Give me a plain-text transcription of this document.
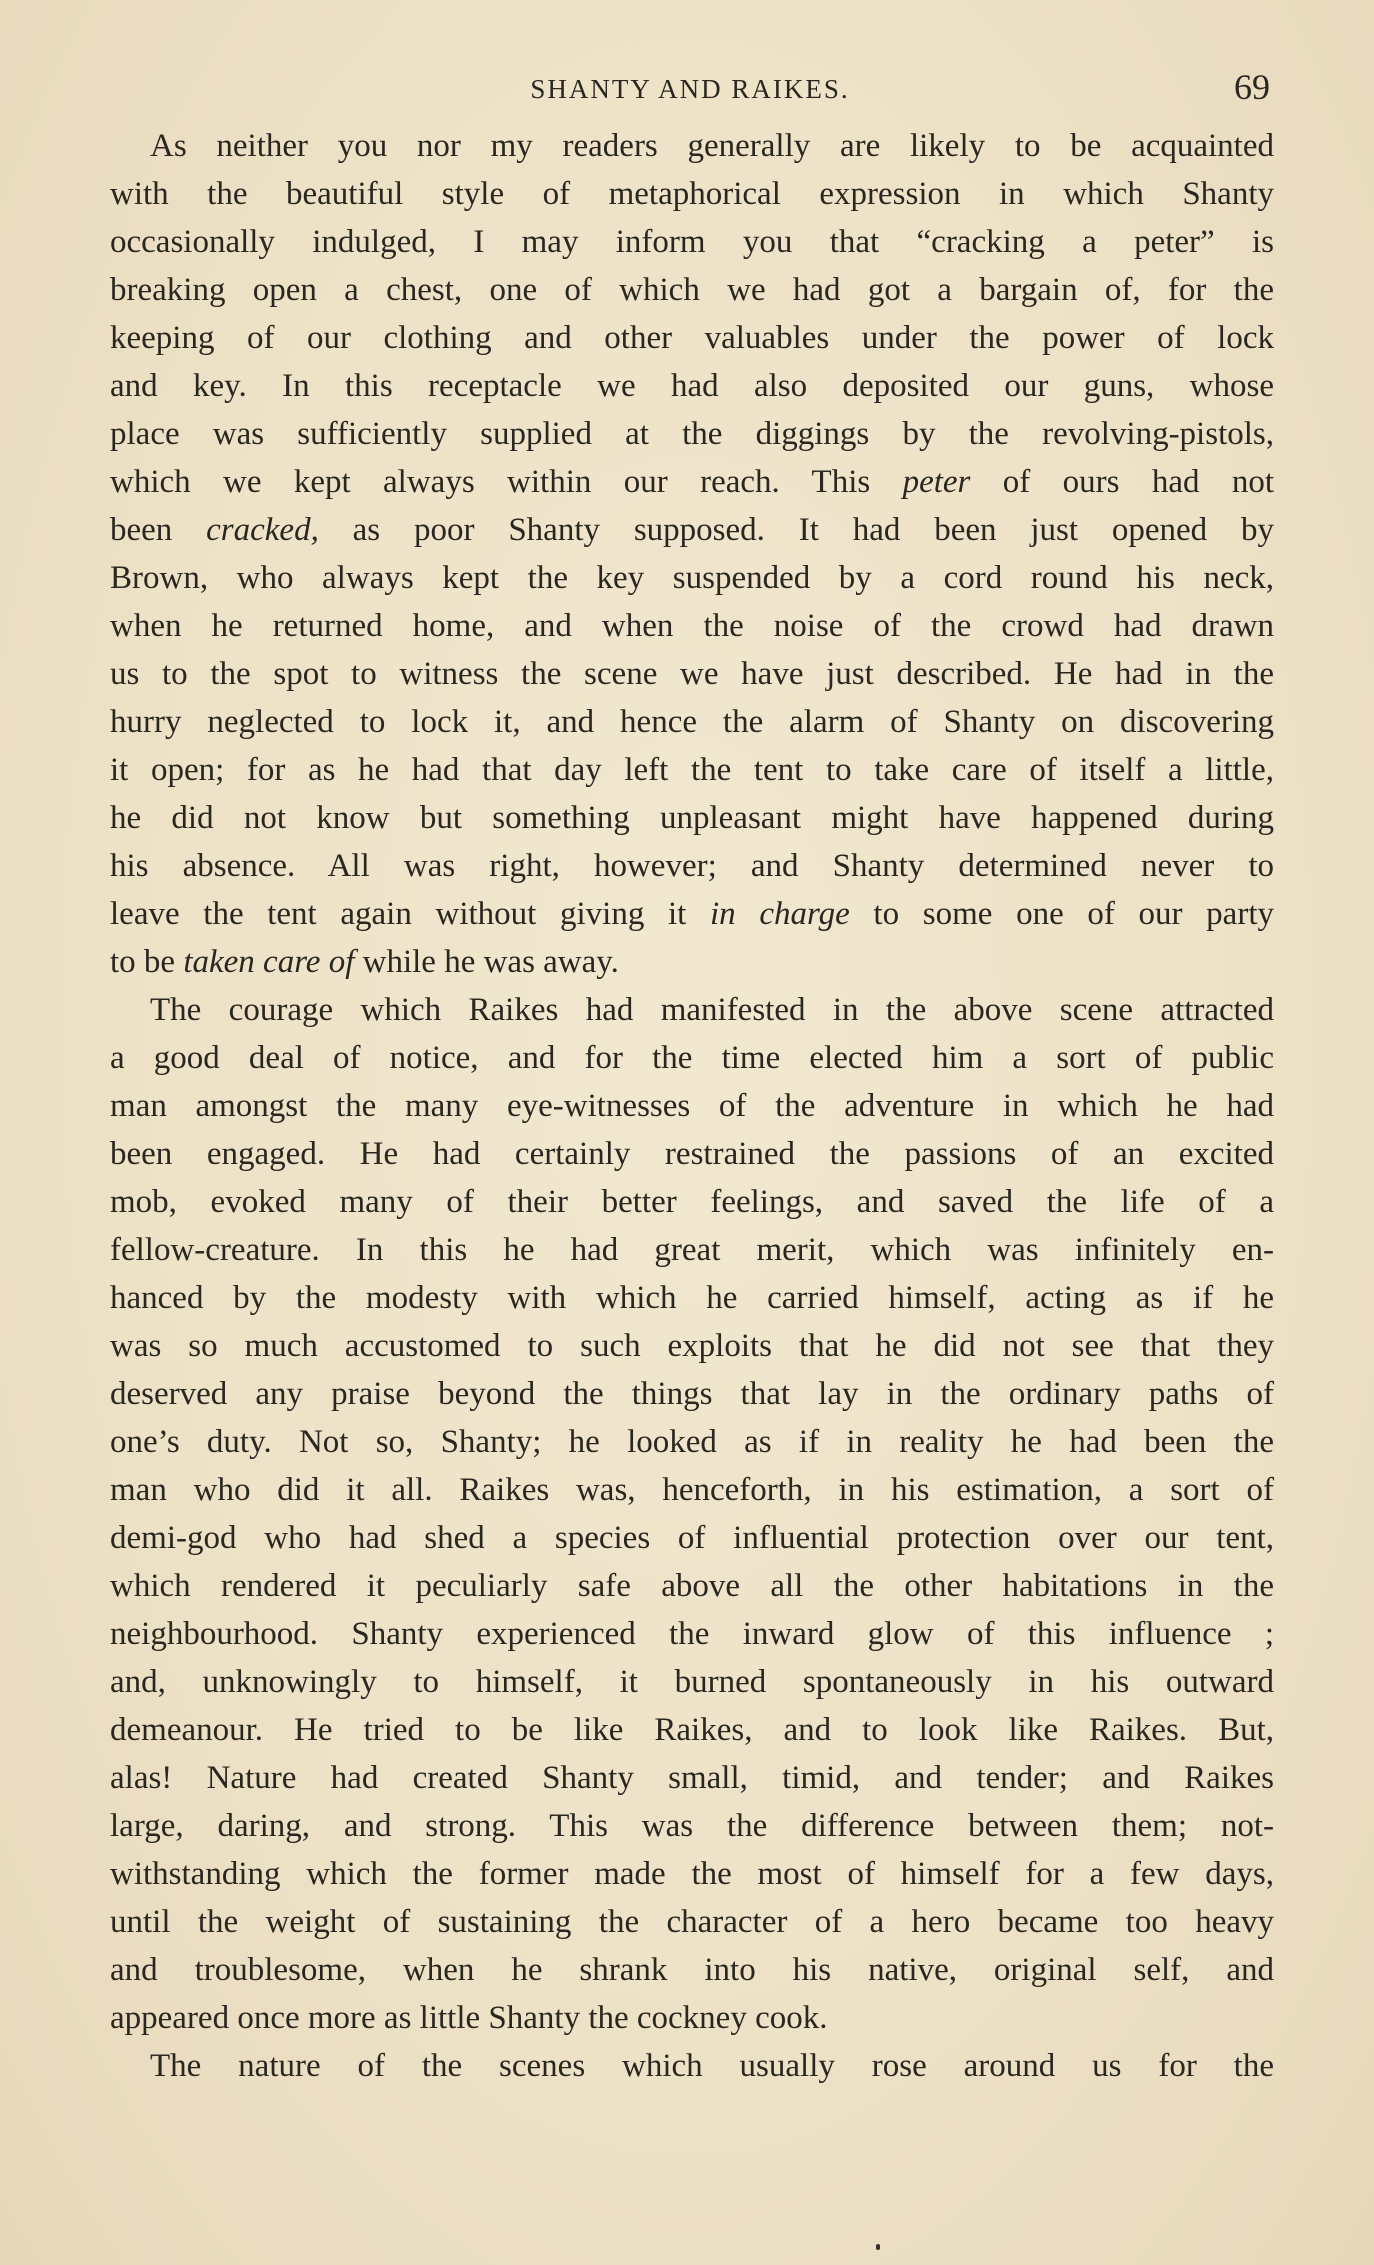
SHANTY AND RAIKES.	69
As neither you nor my readers generally are likely to be acquainted
with the beautiful style of metaphorical expression in which Shanty
occasionally indulged, I may inform you that “cracking a peter” is
breaking open a chest, one of which we had got a bargain of, for the
keeping of our clothing and other valuables under the power of lock
and key. In this receptacle we had also deposited our guns, whose
place was sufficiently supplied at the diggings by the revolving-pistols,
which we kept always within our reach. This peter of ours had not
been cracked, as poor Shanty supposed. It had been just opened by
Brown, who always kept the key suspended by a cord round his neck,
when he returned home, and when the noise of the crowd had drawn
us to the spot to witness the scene we have just described. He had in the
hurry neglected to lock it, and hence the alarm of Shanty on discovering
it open; for as he had that day left the tent to take care of itself a little,
he did not know but something unpleasant might have happened during
his absence. All was right, however; and Shanty determined never to
leave the tent again without giving it in charge to some one of our party
to be taken care of while he was away.
The courage which Raikes had manifested in the above scene attracted
a good deal of notice, and for the time elected him a sort of public
man amongst the many eye-witnesses of the adventure in which he had
been engaged. He had certainly restrained the passions of an excited
mob, evoked many of their better feelings, and saved the life of a
fellow-creature. In this he had great merit, which was infinitely en-
hanced by the modesty with which he carried himself, acting as if he
was so much accustomed to such exploits that he did not see that they
deserved any praise beyond the things that lay in the ordinary paths of
one’s duty. Not so, Shanty; he looked as if in reality he had been the
man who did it all. Raikes was, henceforth, in his estimation, a sort of
demi-god who had shed a species of influential protection over our tent,
which rendered it peculiarly safe above all the other habitations in the
neighbourhood. Shanty experienced the inward glow of this influence ;
and, unknowingly to himself, it burned spontaneously in his outward
demeanour. He tried to be like Raikes, and to look like Raikes. But,
alas! Nature had created Shanty small, timid, and tender; and Raikes
large, daring, and strong. This was the difference between them; not-
withstanding which the former made the most of himself for a few days,
until the weight of sustaining the character of a hero became too heavy
and troublesome, when he shrank into his native, original self, and
appeared once more as little Shanty the cockney cook.
The nature of the scenes which usually rose around us for the
